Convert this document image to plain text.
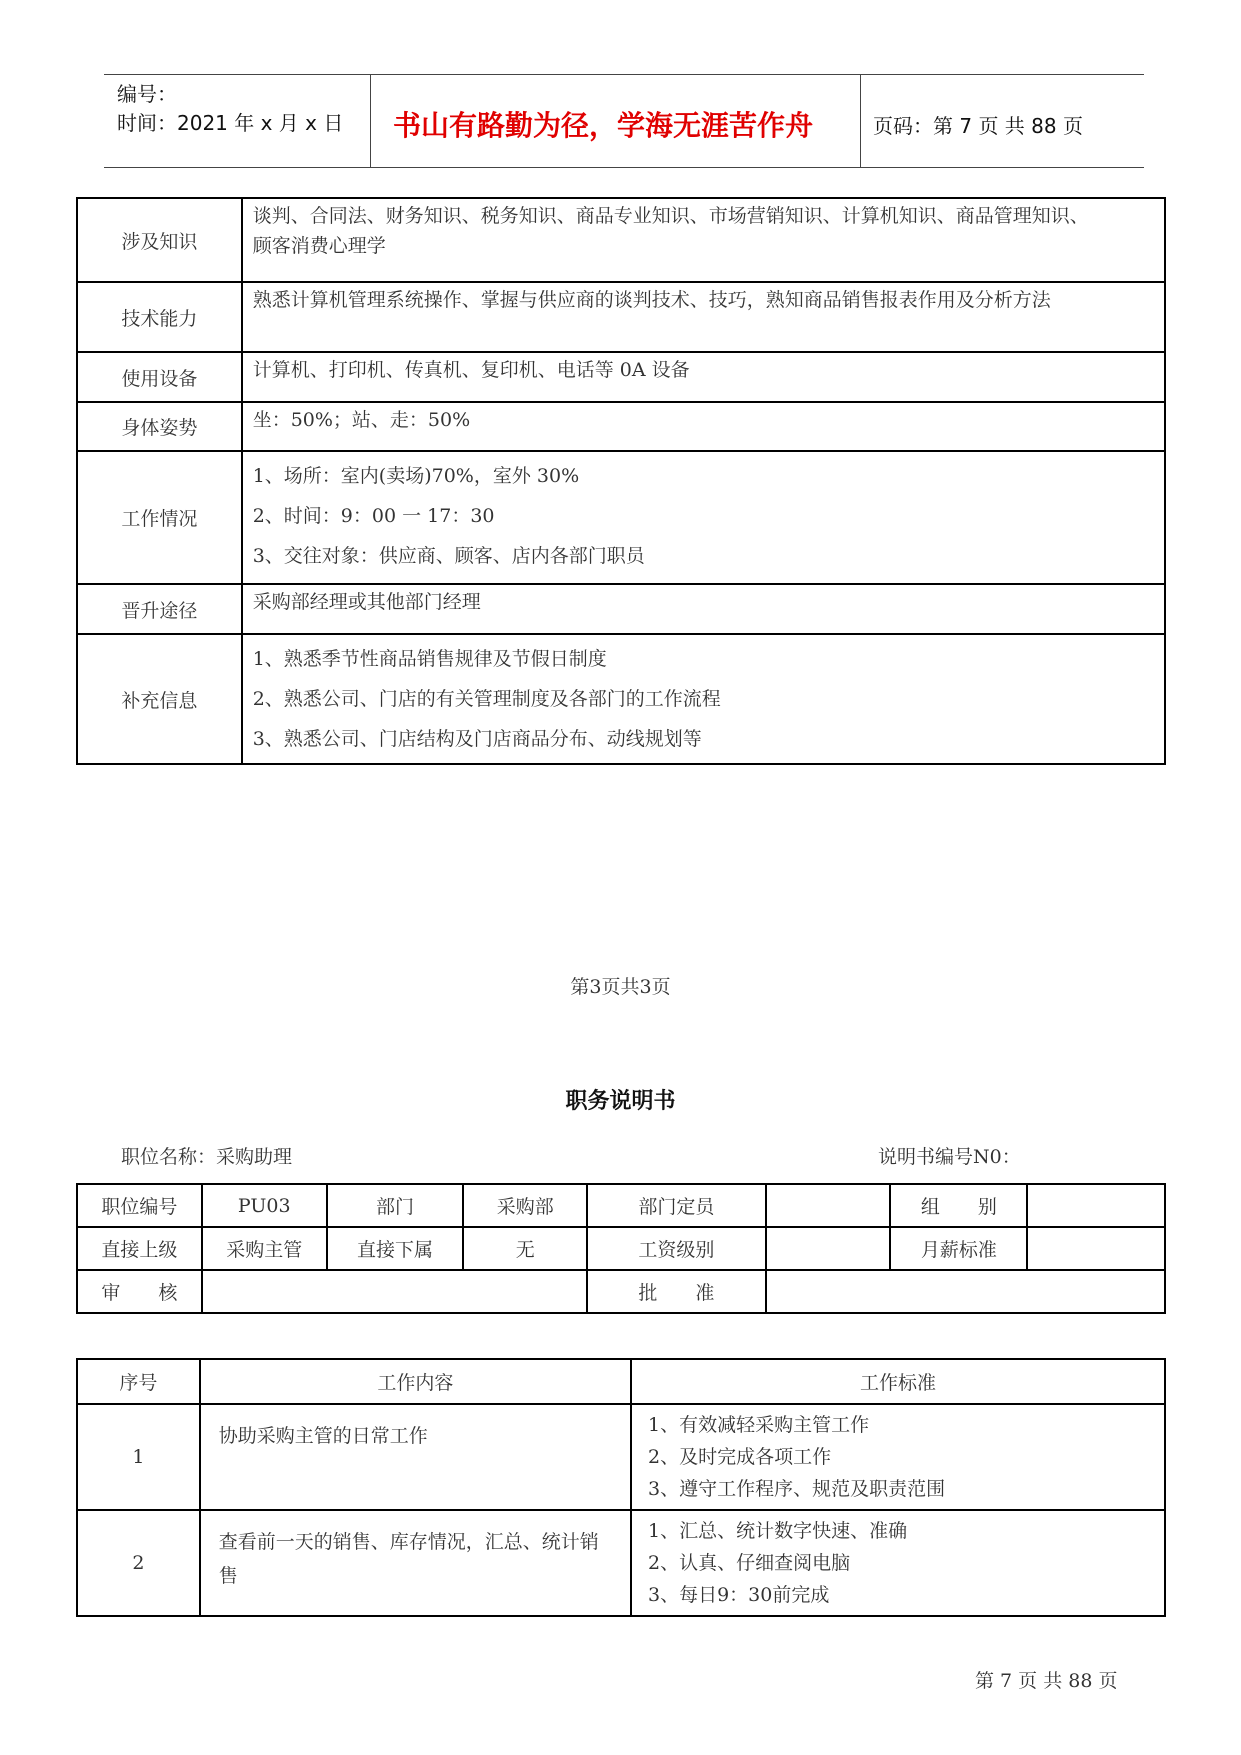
编号：
时间：2021 年 x 月 x 日 书山有路勤为径，学海无涯苦作舟	页码：第 7 页 共 88 页
涉及知识	谈判、合同法、财务知识、税务知识、商品专业知识、市场营销知识、计算机知识、商品管理知识、
顾客消费心理学

技术能力	熟悉计算机管理系统操作、掌握与供应商的谈判技术、技巧，熟知商品销售报表作用及分析方法

使用设备	计算机、打印机、传真机、复印机、电话等 0A 设备

身体姿势	坐：50%；站、走：50%

工作情况	1、场所：室内(卖场)70%，室外 30%
2、时间：9：00 一 17：30
3、交往对象：供应商、顾客、店内各部门职员

晋升途径	采购部经理或其他部门经理

补充信息	1、熟悉季节性商品销售规律及节假日制度
2、熟悉公司、门店的有关管理制度及各部门的工作流程
3、熟悉公司、门店结构及门店商品分布、动线规划等
第3页共3页
职务说明书
职位名称：采购助理	说明书编号N0：
职位编号	PU03	部门	采购部	部门定员		组　　别	
直接上级	采购主管	直接下属	无	工资级别		月薪标准	
审　　核				批　　准			
序号	工作内容	工作标准
1	协助采购主管的日常工作	1、有效减轻采购主管工作
2、及时完成各项工作
3、遵守工作程序、规范及职责范围

2	查看前一天的销售、库存情况，汇总、统计销售	1、汇总、统计数字快速、准确
2、认真、仔细查阅电脑
3、每日9：30前完成
第 7 页 共 88 页
